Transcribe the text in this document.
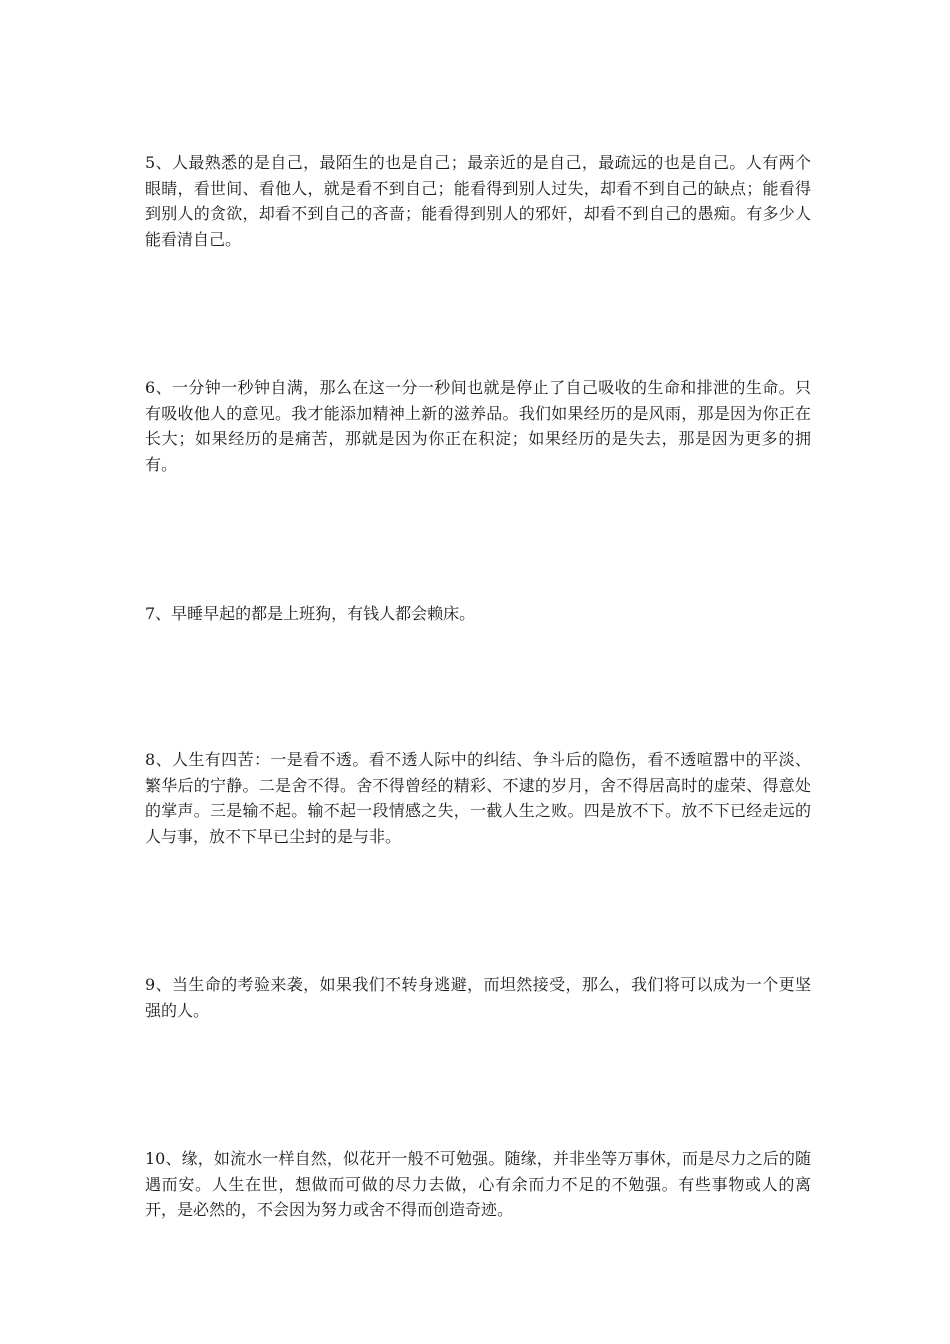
5、人最熟悉的是自己，最陌生的也是自己；最亲近的是自己，最疏远的也是自己。人有两个眼睛，看世间、看他人，就是看不到自己；能看得到别人过失，却看不到自己的缺点；能看得到别人的贪欲，却看不到自己的吝啬；能看得到别人的邪奸，却看不到自己的愚痴。有多少人能看清自己。

6、一分钟一秒钟自满，那么在这一分一秒间也就是停止了自己吸收的生命和排泄的生命。只有吸收他人的意见。我才能添加精神上新的滋养品。我们如果经历的是风雨，那是因为你正在长大；如果经历的是痛苦，那就是因为你正在积淀；如果经历的是失去，那是因为更多的拥有。

7、早睡早起的都是上班狗，有钱人都会赖床。

8、人生有四苦：一是看不透。看不透人际中的纠结、争斗后的隐伤，看不透喧嚣中的平淡、繁华后的宁静。二是舍不得。舍不得曾经的精彩、不逮的岁月，舍不得居高时的虚荣、得意处的掌声。三是输不起。输不起一段情感之失，一截人生之败。四是放不下。放不下已经走远的人与事，放不下早已尘封的是与非。

9、当生命的考验来袭，如果我们不转身逃避，而坦然接受，那么，我们将可以成为一个更坚强的人。

10、缘，如流水一样自然，似花开一般不可勉强。随缘，并非坐等万事休，而是尽力之后的随遇而安。人生在世，想做而可做的尽力去做，心有余而力不足的不勉强。有些事物或人的离开，是必然的，不会因为努力或舍不得而创造奇迹。
